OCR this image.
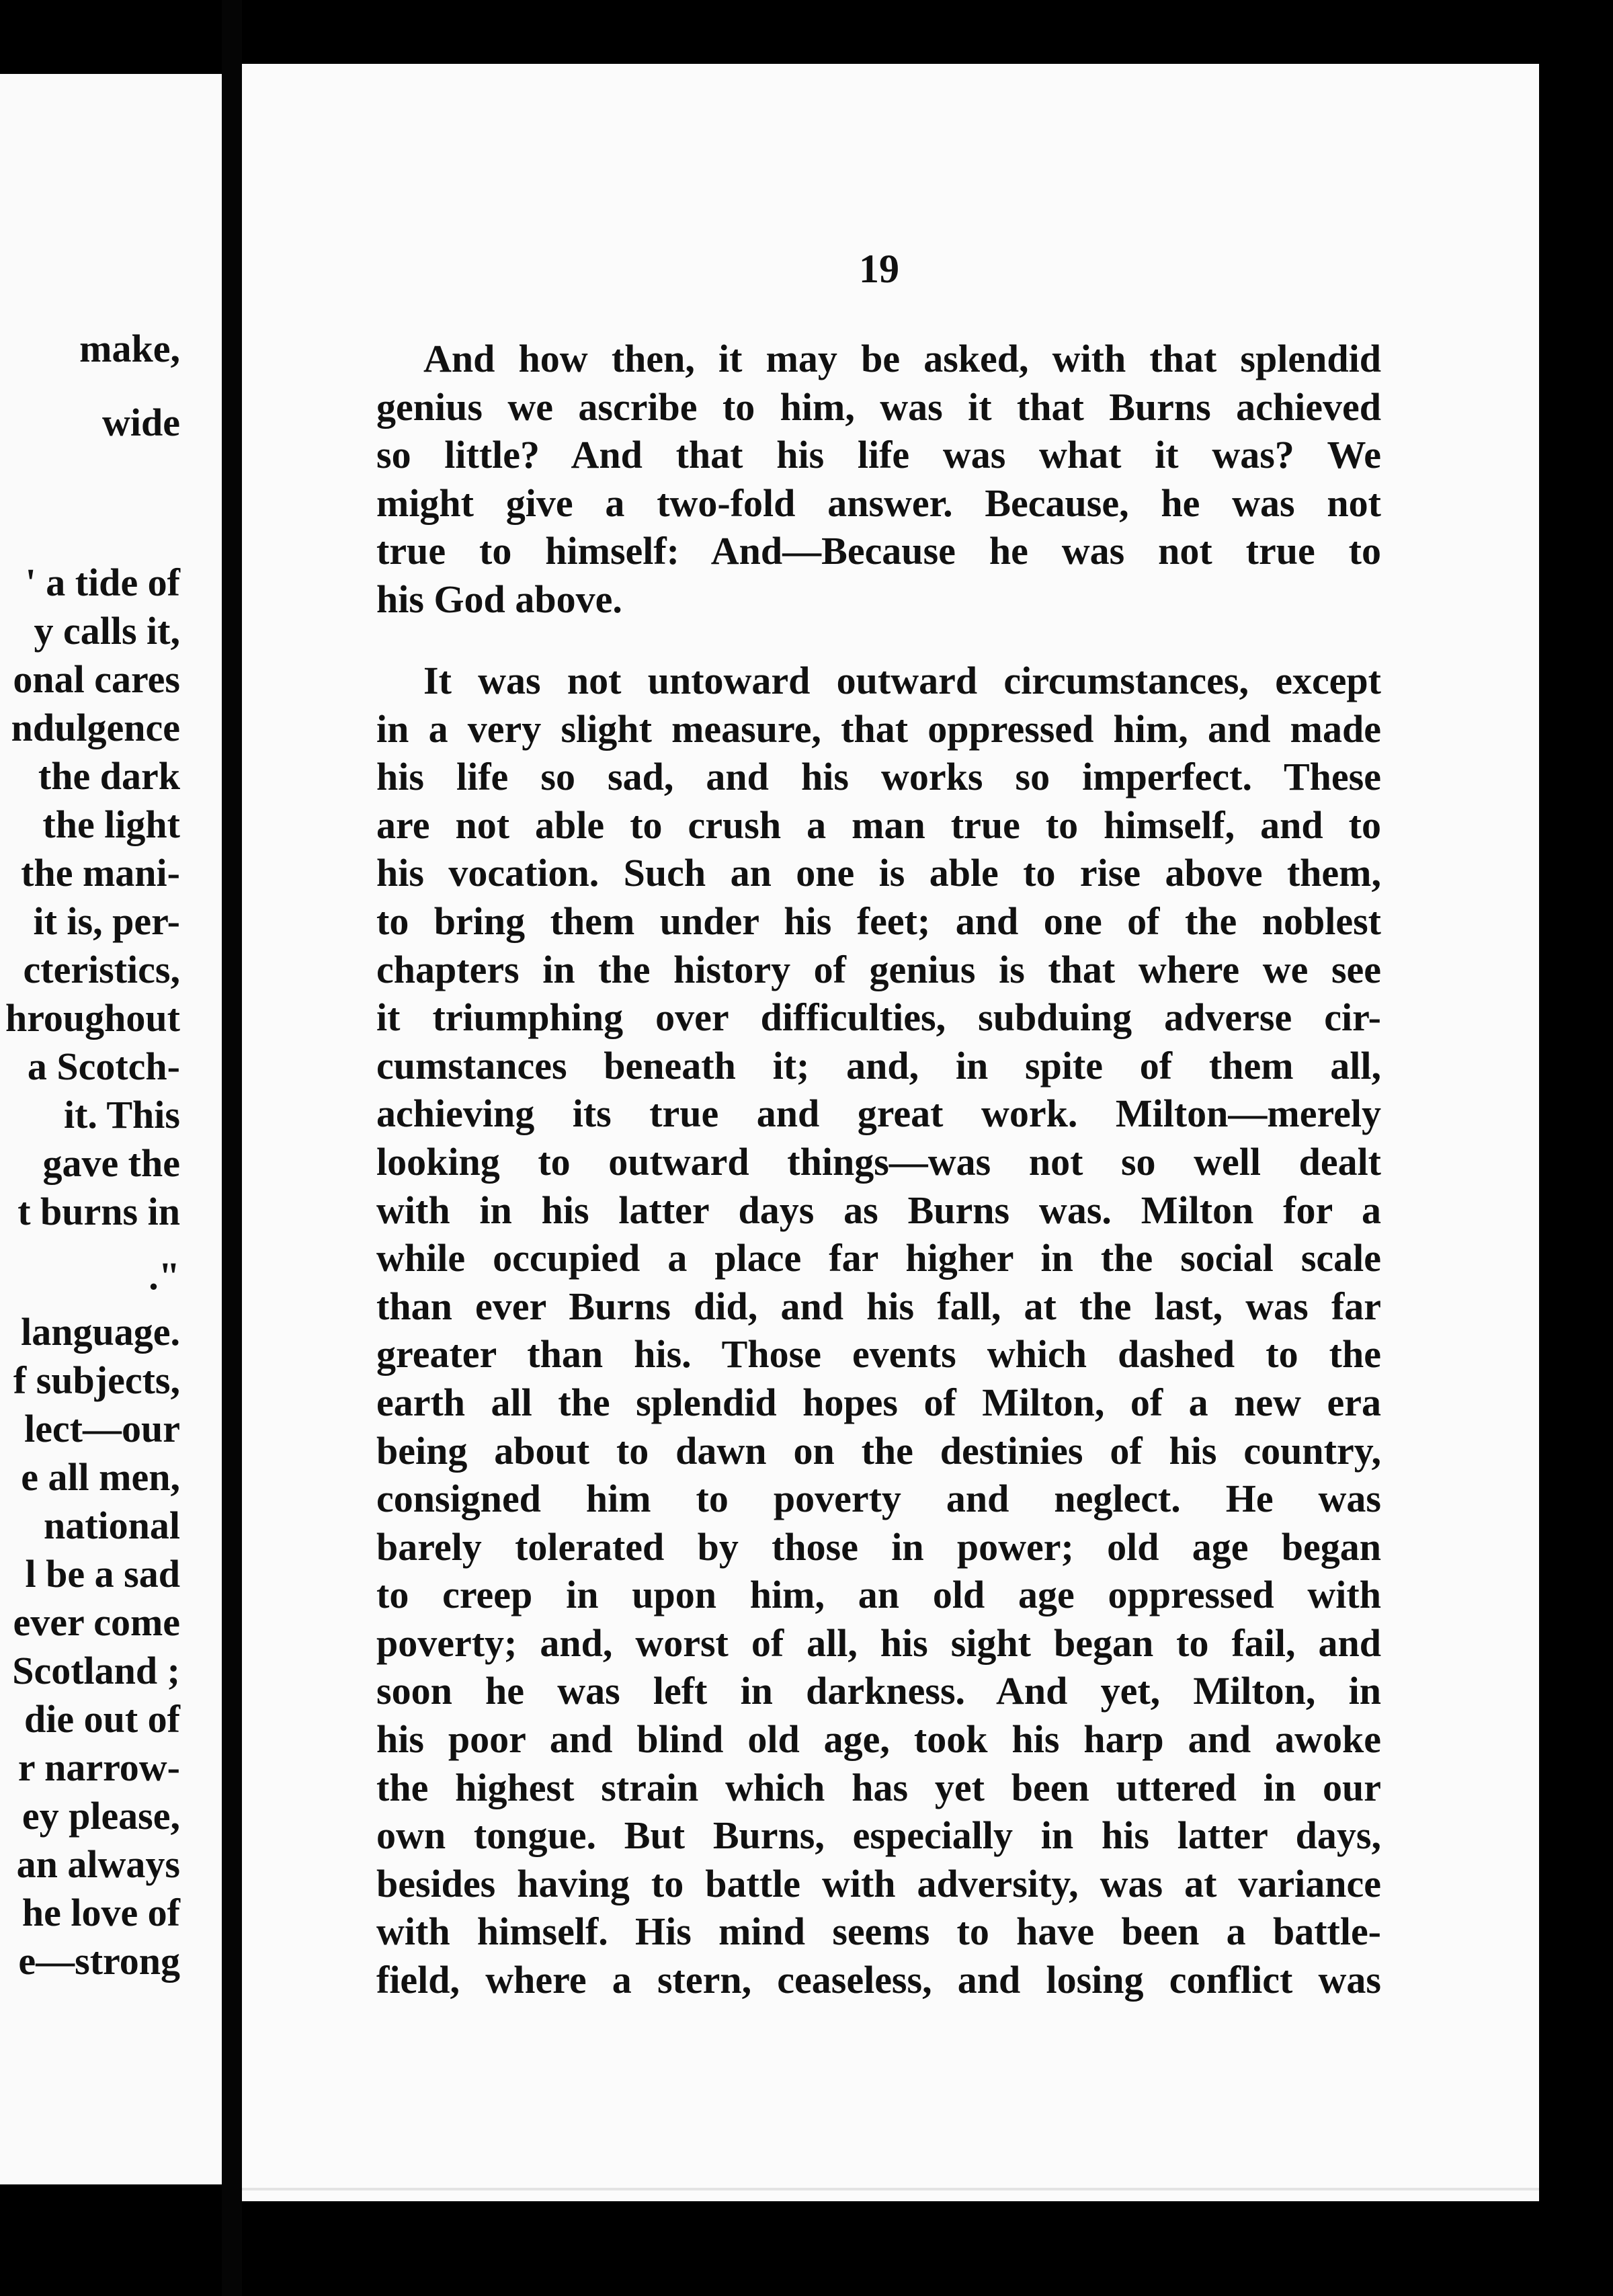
make,
wide
' a tide of
y calls it,
onal cares
ndulgence
the dark
the light
the mani-
it is, per-
cteristics,
hroughout
a Scotch-
it. This
gave the
t burns in
."
language.
f subjects,
lect—our
e all men,
national
l be a sad
ever come
Scotland ;
die out of
r narrow-
ey please,
an always
he love of
e—strong
19
And how then, it may be asked, with that splendid
genius we ascribe to him, was it that Burns achieved
so little? And that his life was what it was? We
might give a two-fold answer. Because, he was not
true to himself: And—Because he was not true to
his God above.
It was not untoward outward circumstances, except
in a very slight measure, that oppressed him, and made
his life so sad, and his works so imperfect. These
are not able to crush a man true to himself, and to
his vocation. Such an one is able to rise above them,
to bring them under his feet; and one of the noblest
chapters in the history of genius is that where we see
it triumphing over difficulties, subduing adverse cir-
cumstances beneath it; and, in spite of them all,
achieving its true and great work. Milton—merely
looking to outward things—was not so well dealt
with in his latter days as Burns was. Milton for a
while occupied a place far higher in the social scale
than ever Burns did, and his fall, at the last, was far
greater than his. Those events which dashed to the
earth all the splendid hopes of Milton, of a new era
being about to dawn on the destinies of his country,
consigned him to poverty and neglect. He was
barely tolerated by those in power; old age began
to creep in upon him, an old age oppressed with
poverty; and, worst of all, his sight began to fail, and
soon he was left in darkness. And yet, Milton, in
his poor and blind old age, took his harp and awoke
the highest strain which has yet been uttered in our
own tongue. But Burns, especially in his latter days,
besides having to battle with adversity, was at variance
with himself. His mind seems to have been a battle-
field, where a stern, ceaseless, and losing conflict was
